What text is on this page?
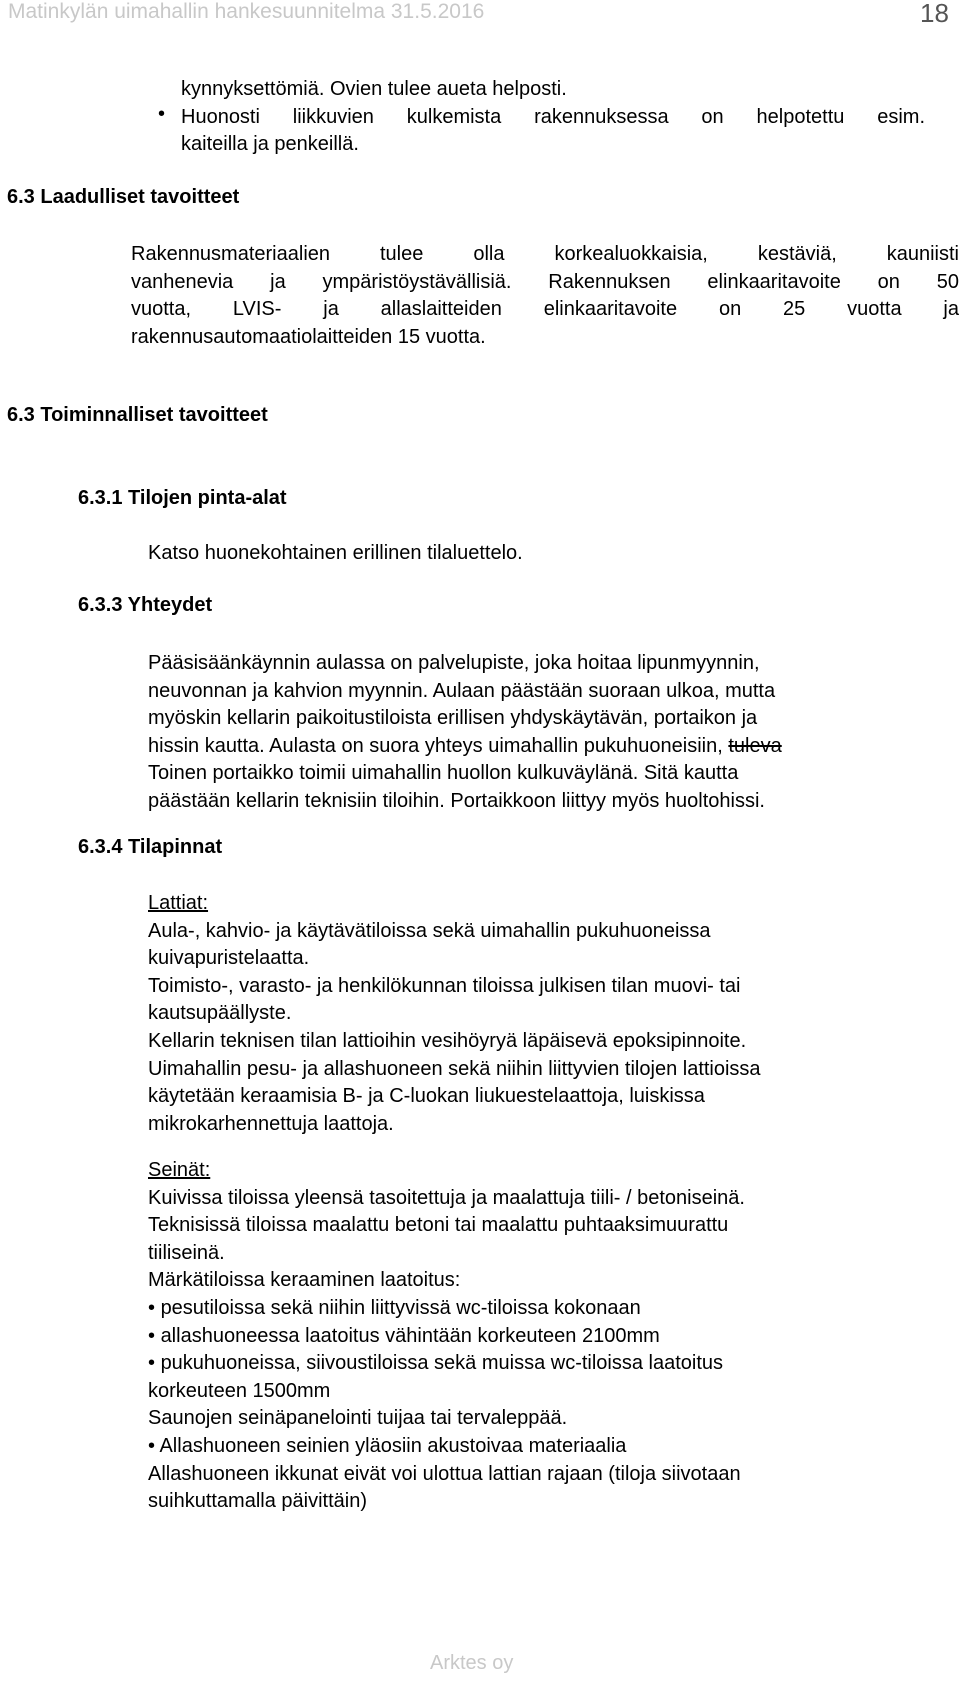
Matinkylän uimahallin hankesuunnitelma 31.5.2016	18
kynnyksettömiä. Ovien tulee aueta helposti.
• Huonosti liikkuvien kulkemista rakennuksessa on helpotettu esim.
kaiteilla ja penkeillä.
6.3 Laadulliset tavoitteet
Rakennusmateriaalien tulee olla korkealuokkaisia, kestäviä, kauniisti
vanhenevia ja ympäristöystävällisiä. Rakennuksen elinkaaritavoite on 50
vuotta, LVIS- ja allaslaitteiden elinkaaritavoite on 25 vuotta ja
rakennusautomaatiolaitteiden 15 vuotta.
6.3 Toiminnalliset tavoitteet
6.3.1 Tilojen pinta-alat
Katso huonekohtainen erillinen tilaluettelo.
6.3.3 Yhteydet
Pääsisäänkäynnin aulassa on palvelupiste, joka hoitaa lipunmyynnin,
neuvonnan ja kahvion myynnin. Aulaan päästään suoraan ulkoa, mutta
myöskin kellarin paikoitustiloista erillisen yhdyskäytävän, portaikon ja
hissin kautta. Aulasta on suora yhteys uimahallin pukuhuoneisiin, tuleva
Toinen portaikko toimii uimahallin huollon kulkuväylänä. Sitä kautta
päästään kellarin teknisiin tiloihin. Portaikkoon liittyy myös huoltohissi.
6.3.4 Tilapinnat
Lattiat:
Aula-, kahvio- ja käytävätiloissa sekä uimahallin pukuhuoneissa
kuivapuristelaatta.
Toimisto-, varasto- ja henkilökunnan tiloissa julkisen tilan muovi- tai
kautsupäällyste.
Kellarin teknisen tilan lattioihin vesihöyryä läpäisevä epoksipinnoite.
Uimahallin pesu- ja allashuoneen sekä niihin liittyvien tilojen lattioissa
käytetään keraamisia B- ja C-luokan liukuestelaattoja, luiskissa
mikrokarhennettuja laattoja.
Seinät:
Kuivissa tiloissa yleensä tasoitettuja ja maalattuja tiili- / betoniseinä.
Teknisissä tiloissa maalattu betoni tai maalattu puhtaaksimuurattu
tiiliseinä.
Märkätiloissa keraaminen laatoitus:
• pesutiloissa sekä niihin liittyvissä wc-tiloissa kokonaan
• allashuoneessa laatoitus vähintään korkeuteen 2100mm
• pukuhuoneissa, siivoustiloissa sekä muissa wc-tiloissa laatoitus
korkeuteen 1500mm
Saunojen seinäpanelointi tuijaa tai tervaleppää.
• Allashuoneen seinien yläosiin akustoivaa materiaalia
Allashuoneen ikkunat eivät voi ulottua lattian rajaan (tiloja siivotaan
suihkuttamalla päivittäin)
Arktes oy
